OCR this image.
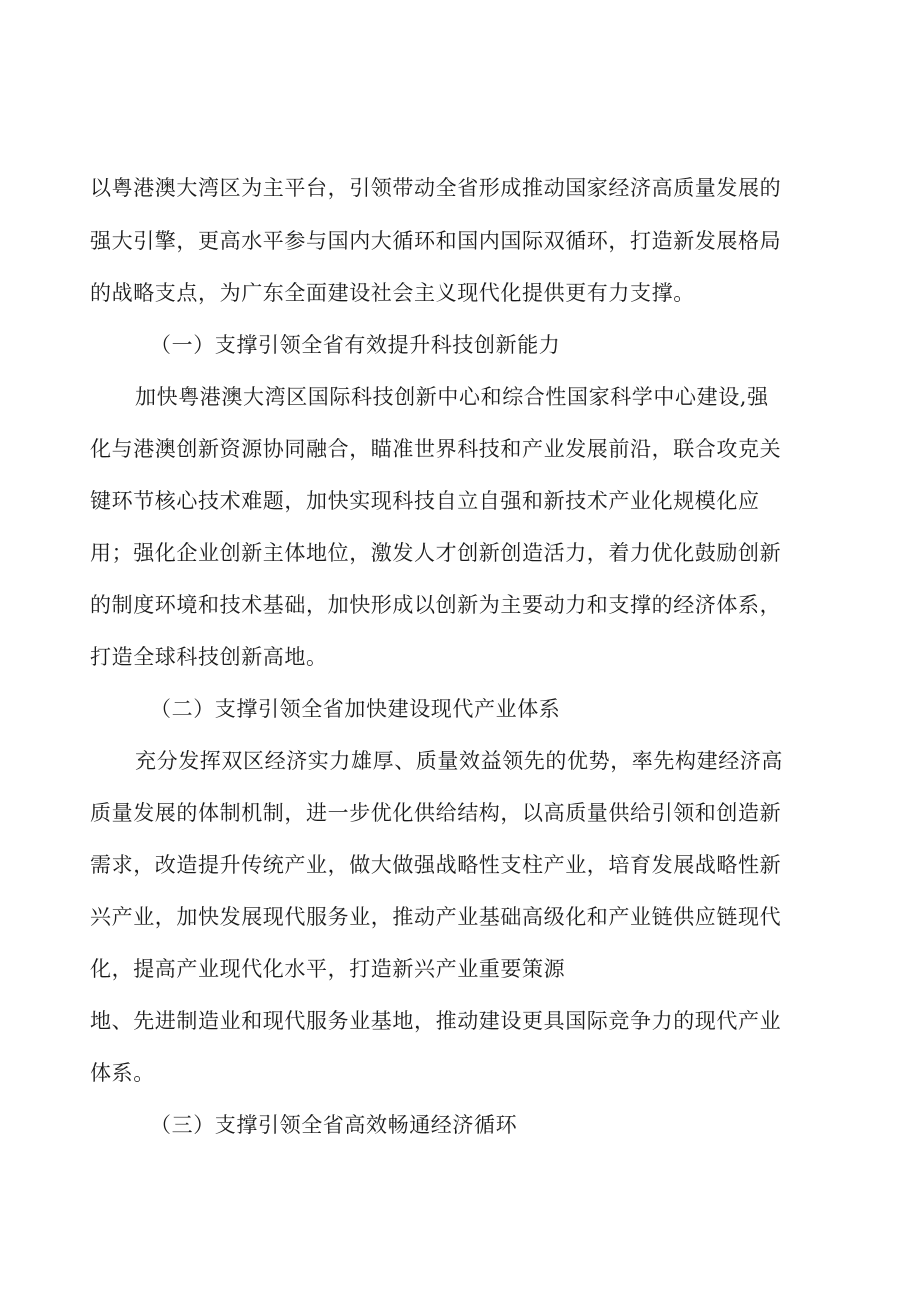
以粤港澳大湾区为主平台，引领带动全省形成推动国家经济高质量发展的
强大引擎，更高水平参与国内大循环和国内国际双循环，打造新发展格局
的战略支点，为广东全面建设社会主义现代化提供更有力支撑。
（一）支撑引领全省有效提升科技创新能力
加快粤港澳大湾区国际科技创新中心和综合性国家科学中心建设,强
化与港澳创新资源协同融合，瞄准世界科技和产业发展前沿，联合攻克关
键环节核心技术难题，加快实现科技自立自强和新技术产业化规模化应
用；强化企业创新主体地位，激发人才创新创造活力，着力优化鼓励创新
的制度环境和技术基础，加快形成以创新为主要动力和支撑的经济体系，
打造全球科技创新高地。
（二）支撑引领全省加快建设现代产业体系
充分发挥双区经济实力雄厚、质量效益领先的优势，率先构建经济高
质量发展的体制机制，进一步优化供给结构，以高质量供给引领和创造新
需求，改造提升传统产业，做大做强战略性支柱产业，培育发展战略性新
兴产业，加快发展现代服务业，推动产业基础高级化和产业链供应链现代
化，提高产业现代化水平，打造新兴产业重要策源
地、先进制造业和现代服务业基地，推动建设更具国际竞争力的现代产业
体系。
（三）支撑引领全省高效畅通经济循环
